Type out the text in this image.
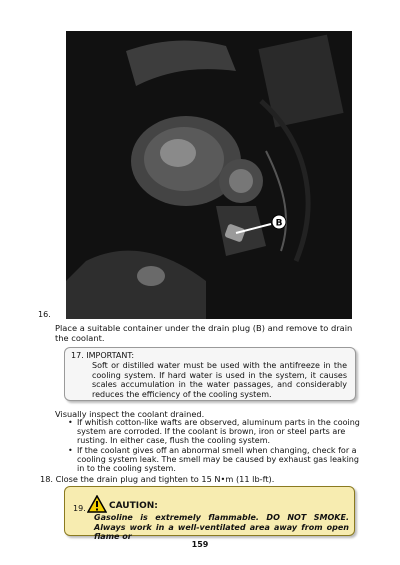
B
16.
Place a suitable container under the drain plug (B) and remove to drain the coolant.
17. IMPORTANT:
Soft or distilled water must be used with the antifreeze in the cooling system. If hard water is used in the system, it causes scales accumulation in the water passages, and considerably reduces the efficiency of the cooling system.
Visually inspect the coolant drained.
• If whitish cotton-like wafts are observed, aluminum parts in the cooing system are corroded. If the coolant is brown, iron or steel parts are rusting. In either case, flush the cooling system.
• If the coolant gives off an abnormal smell when changing, check for a cooling system leak. The smell may be caused by exhaust gas leaking in to the cooling system.
18. Close the drain plug and tighten to 15 N•m (11 lb-ft).
19.	CAUTION:
Gasoline is extremely flammable. DO NOT SMOKE. Always work in a well-ventilated area away from open flame or
159
